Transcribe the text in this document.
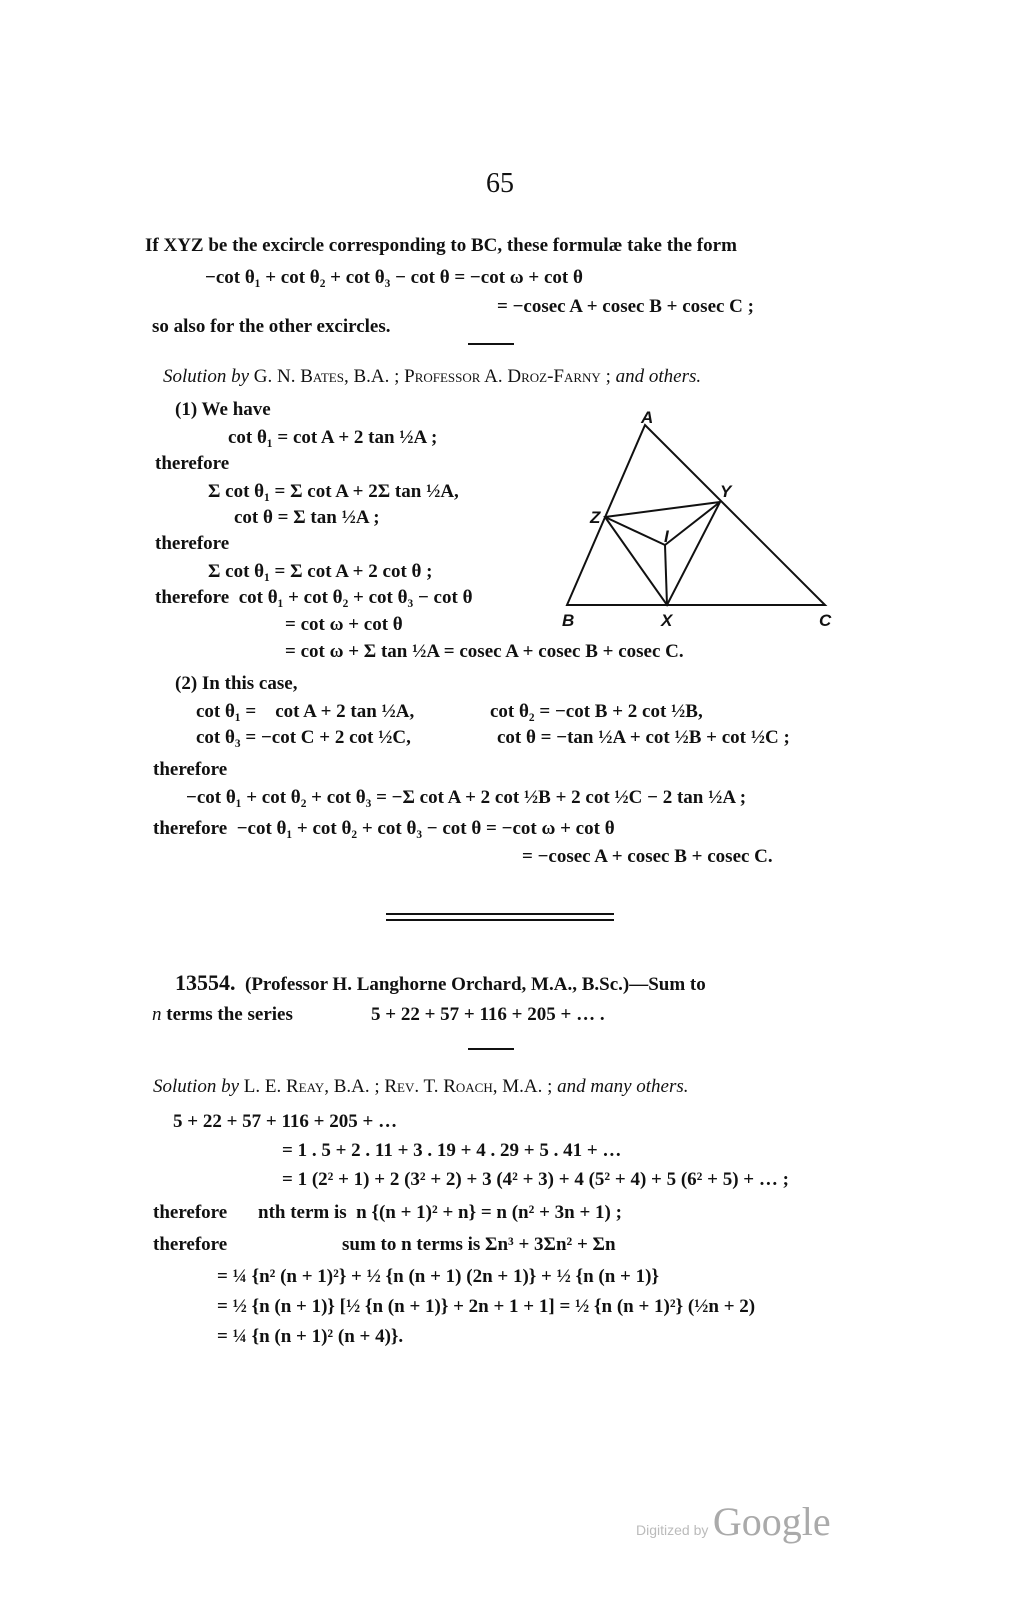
65
If XYZ be the excircle corresponding to BC, these formulæ take the form
−cot θ₁ + cot θ₂ + cot θ₃ − cot θ = −cot ω + cot θ
= −cosec A + cosec B + cosec C ;
so also for the other excircles.
Solution by G. N. Bates, B.A. ; Professor A. Droz-Farny ; and others.
(1) We have
cot θ₁ = cot A + 2 tan ½A ;
therefore
Σ cot θ₁ = Σ cot A + 2Σ tan ½A,
cot θ = Σ tan ½A ;
therefore
Σ cot θ₁ = Σ cot A + 2 cot θ ;
therefore  cot θ₁ + cot θ₂ + cot θ₃ − cot θ
= cot ω + cot θ
= cot ω + Σ tan ½A = cosec A + cosec B + cosec C.
(2) In this case,
cot θ₁ =    cot A + 2 tan ½A,	cot θ₂ = −cot B + 2 cot ½B,
cot θ₃ = −cot C + 2 cot ½C,	cot θ = −tan ½A + cot ½B + cot ½C ;
therefore
−cot θ₁ + cot θ₂ + cot θ₃ = −Σ cot A + 2 cot ½B + 2 cot ½C − 2 tan ½A ;
therefore  −cot θ₁ + cot θ₂ + cot θ₃ − cot θ = −cot ω + cot θ
= −cosec A + cosec B + cosec C.
A
Y
Z
I
B	X	C
13554. (Professor H. Langhorne Orchard, M.A., B.Sc.)—Sum to
n terms the series	5 + 22 + 57 + 116 + 205 + … .
Solution by L. E. Reay, B.A. ; Rev. T. Roach, M.A. ; and many others.
5 + 22 + 57 + 116 + 205 + …
= 1 . 5 + 2 . 11 + 3 . 19 + 4 . 29 + 5 . 41 + …
= 1 (2² + 1) + 2 (3² + 2) + 3 (4² + 3) + 4 (5² + 4) + 5 (6² + 5) + … ;
therefore nth term is  n {(n + 1)² + n} = n (n² + 3n + 1) ;
therefore	sum to n terms is Σn³ + 3Σn² + Σn
= ¼ {n² (n + 1)²} + ½ {n (n + 1) (2n + 1)} + ½ {n (n + 1)}
= ½ {n (n + 1)} [½ {n (n + 1)} + 2n + 1 + 1] = ½ {n (n + 1)²} (½n + 2)
= ¼ {n (n + 1)² (n + 4)}.
Digitized by Google
